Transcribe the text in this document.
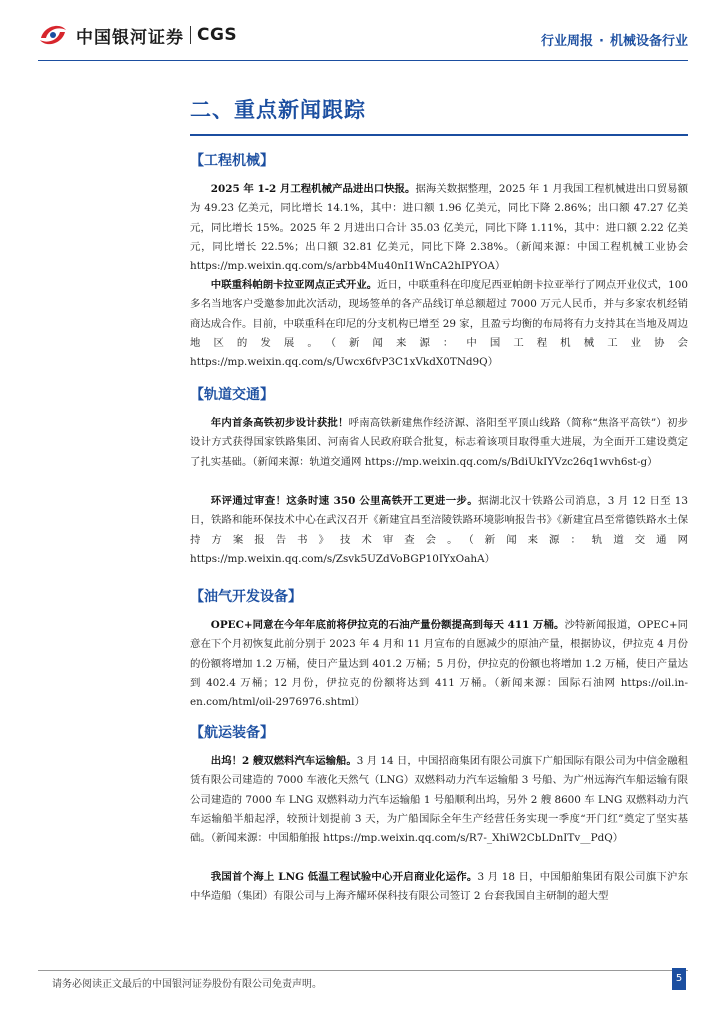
中国银河证券 CGS	行业周报 · 机械设备行业
二、重点新闻跟踪
【工程机械】

2025 年 1-2 月工程机械产品进出口快报。据海关数据整理，2025 年 1 月我国工程机械进出口贸易额为 49.23 亿美元，同比增长 14.1%，其中：进口额 1.96 亿美元，同比下降 2.86%；出口额 47.27 亿美元，同比增长 15%。2025 年 2 月进出口合计 35.03 亿美元，同比下降 1.11%，其中：进口额 2.22 亿美元，同比增长 22.5%；出口额 32.81 亿美元，同比下降 2.38%。（新闻来源：中国工程机械工业协会 https://mp.weixin.qq.com/s/arbb4Mu40nI1WnCA2hIPYOA）

中联重科帕朗卡拉亚网点正式开业。近日，中联重科在印度尼西亚帕朗卡拉亚举行了网点开业仪式，100 多名当地客户受邀参加此次活动，现场签单的各产品线订单总额超过 7000 万元人民币，并与多家农机经销商达成合作。目前，中联重科在印尼的分支机构已增至 29 家，且盈亏均衡的布局将有力支持其在当地及周边地区的发展。（新闻来源：中国工程机械工业协会 https://mp.weixin.qq.com/s/Uwcx6fvP3C1xVkdX0TNd9Q）

【轨道交通】

年内首条高铁初步设计获批！呼南高铁新建焦作经济源、洛阳至平顶山线路（简称“焦洛平高铁”）初步设计方式获得国家铁路集团、河南省人民政府联合批复，标志着该项目取得重大进展，为全面开工建设奠定了扎实基础。（新闻来源：轨道交通网 https://mp.weixin.qq.com/s/BdiUkIYVzc26q1wvh6st-g）

环评通过审查！这条时速 350 公里高铁开工更进一步。据湖北汉十铁路公司消息，3 月 12 日至 13 日，铁路和能环保技术中心在武汉召开《新建宜昌至涪陵铁路环境影响报告书》《新建宜昌至常德铁路水土保持方案报告书》技术审查会。（新闻来源：轨道交通网 https://mp.weixin.qq.com/s/Zsvk5UZdVoBGP10IYxOahA）

【油气开发设备】

OPEC+同意在今年年底前将伊拉克的石油产量份额提高到每天 411 万桶。沙特新闻报道，OPEC+同意在下个月初恢复此前分别于 2023 年 4 月和 11 月宣布的自愿减少的原油产量，根据协议，伊拉克 4 月份的份额将增加 1.2 万桶，使日产量达到 401.2 万桶；5 月份，伊拉克的份额也将增加 1.2 万桶，使日产量达到 402.4 万桶；12 月份，伊拉克的份额将达到 411 万桶。（新闻来源：国际石油网 https://oil.in-en.com/html/oil-2976976.shtml）

【航运装备】

出坞！2 艘双燃料汽车运输船。3 月 14 日，中国招商集团有限公司旗下广船国际有限公司为中信金融租赁有限公司建造的 7000 车液化天然气（LNG）双燃料动力汽车运输船 3 号船、为广州远海汽车船运输有限公司建造的 7000 车 LNG 双燃料动力汽车运输船 1 号船顺利出坞，另外 2 艘 8600 车 LNG 双燃料动力汽车运输船半船起浮，较预计划提前 3 天，为广船国际全年生产经营任务实现一季度“开门红”奠定了坚实基础。（新闻来源：中国船舶报 https://mp.weixin.qq.com/s/R7-_XhiW2CbLDnITv__PdQ）

我国首个海上 LNG 低温工程试验中心开启商业化运作。3 月 18 日，中国船舶集团有限公司旗下沪东中华造船（集团）有限公司与上海齐耀环保科技有限公司签订 2 台套我国自主研制的超大型

请务必阅读正文最后的中国银河证券股份有限公司免责声明。
5
